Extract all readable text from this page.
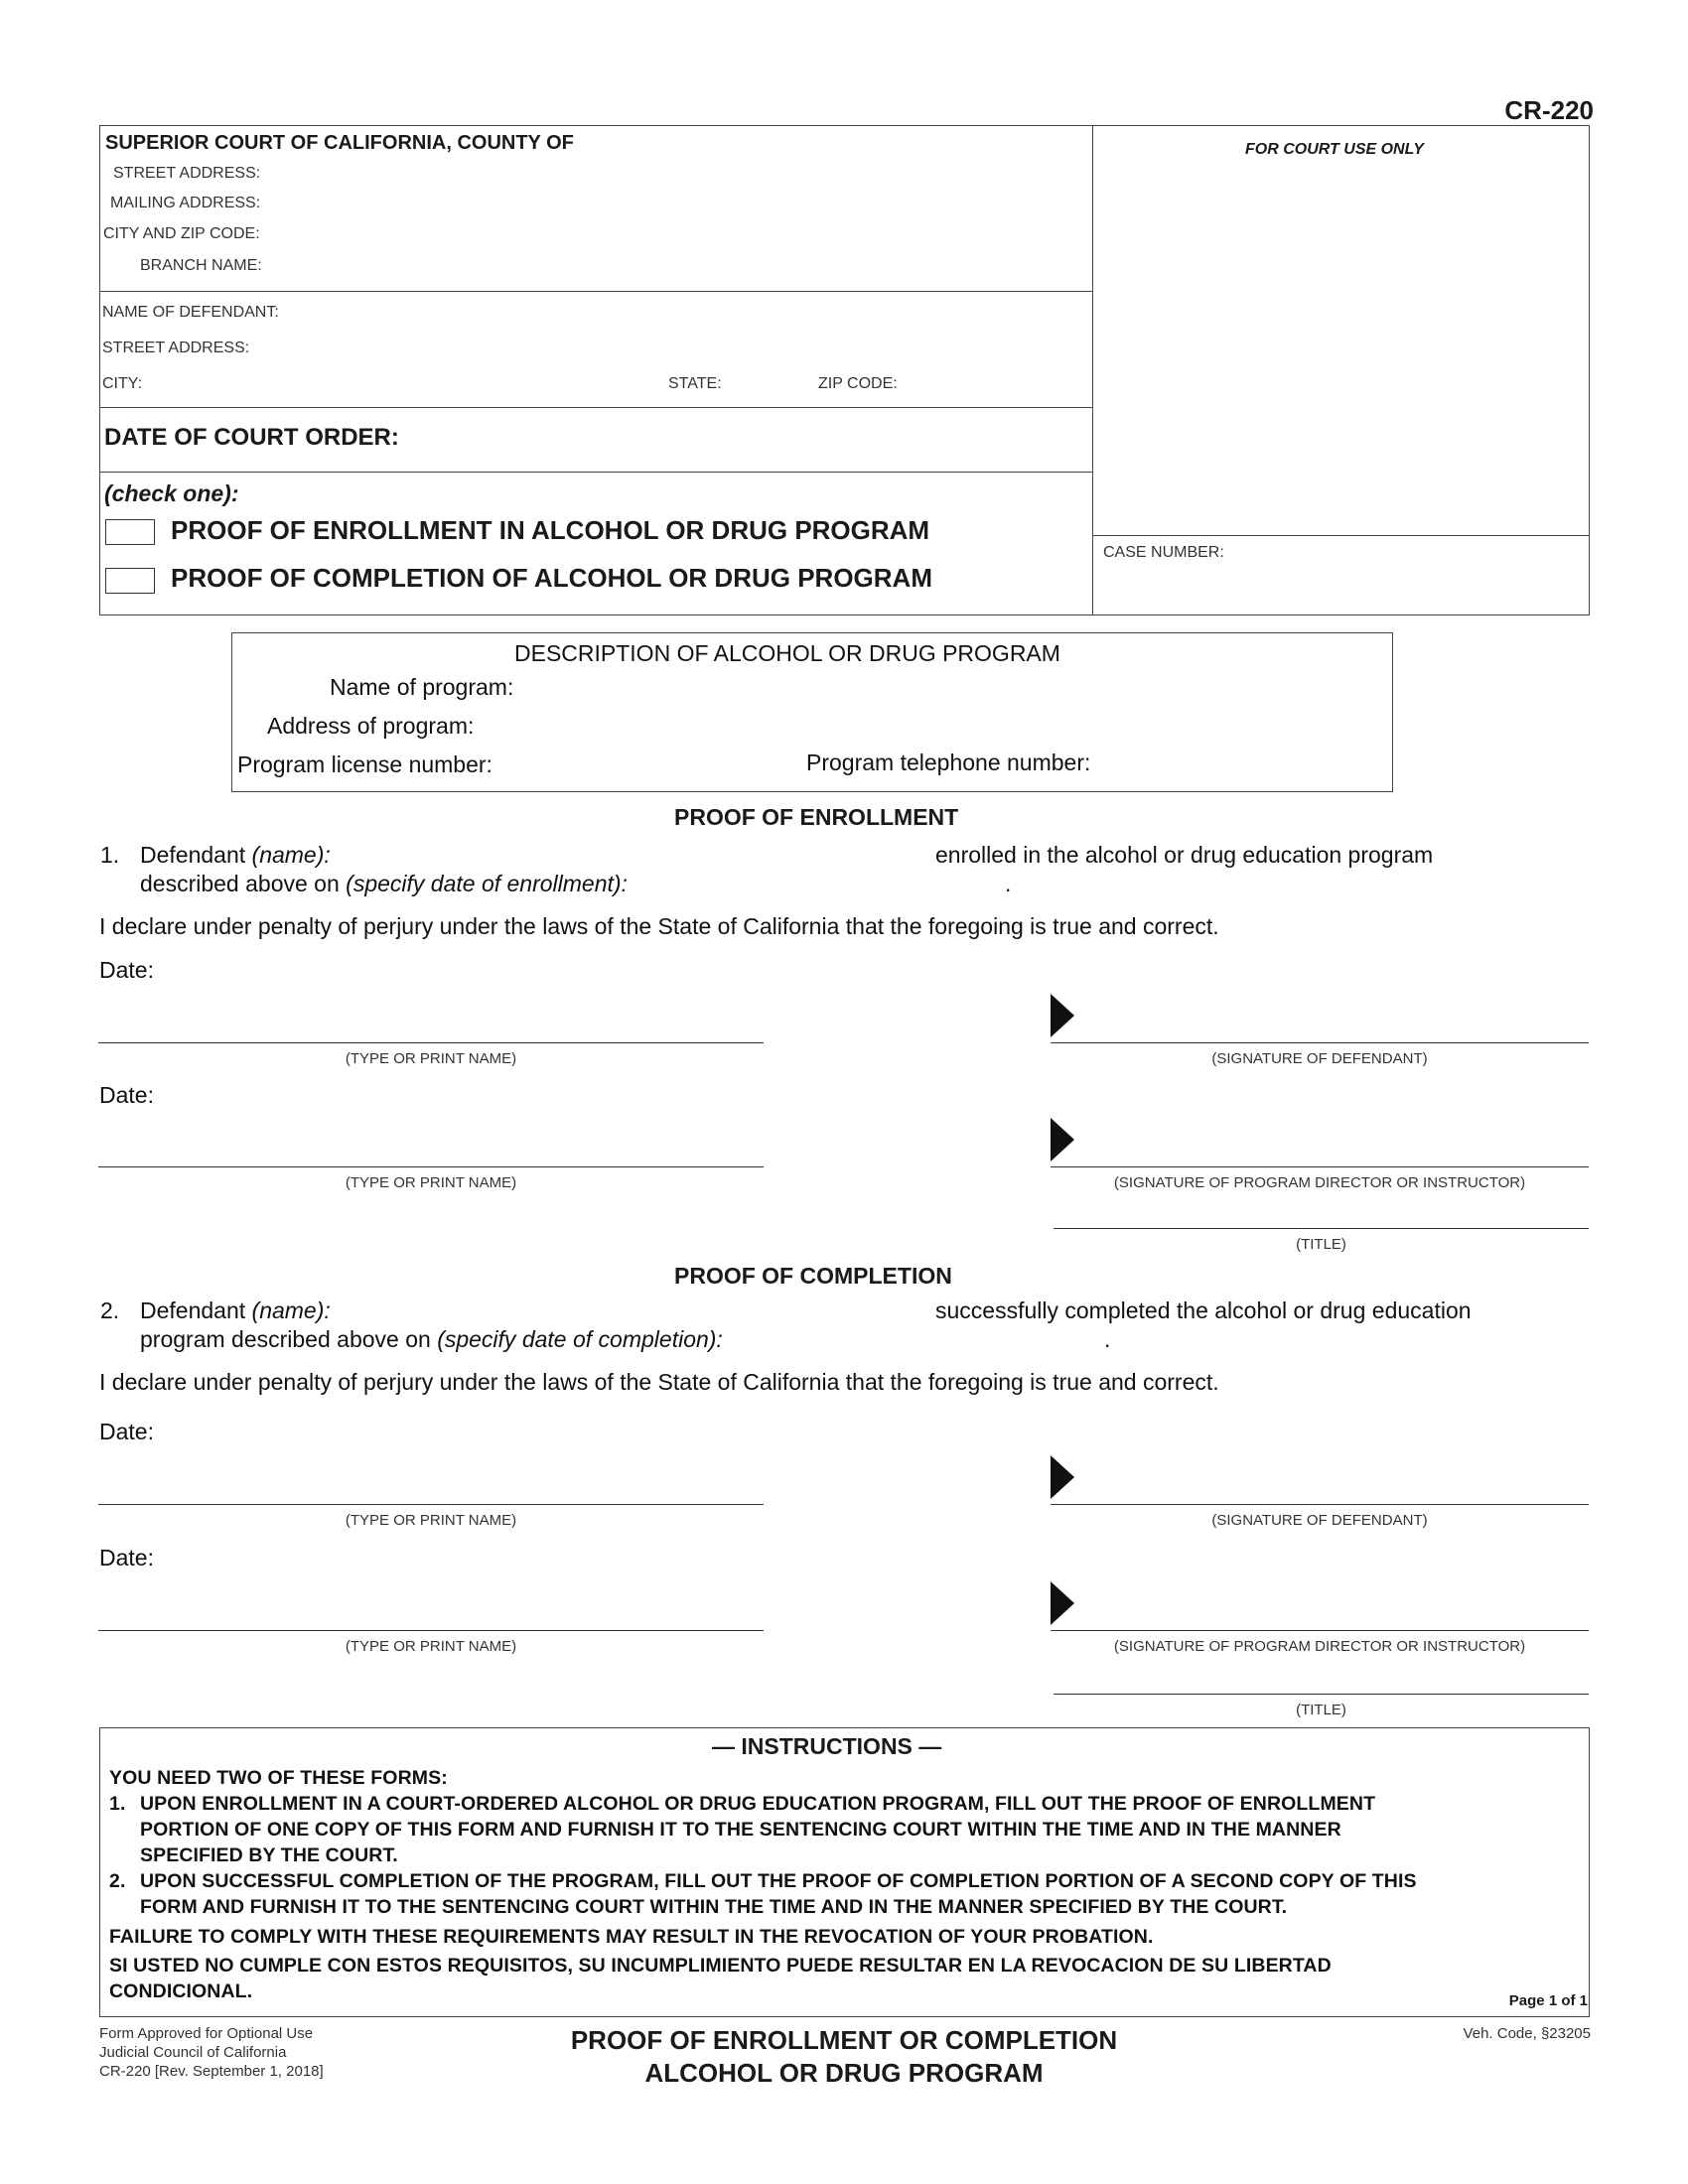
CR-220
SUPERIOR COURT OF CALIFORNIA, COUNTY OF
STREET ADDRESS:
MAILING ADDRESS:
CITY AND ZIP CODE:
BRANCH NAME:
FOR COURT USE ONLY
NAME OF DEFENDANT:
STREET ADDRESS:
CITY:	STATE:	ZIP CODE:
DATE OF COURT ORDER:
(check one):
PROOF OF ENROLLMENT IN ALCOHOL OR DRUG PROGRAM
PROOF OF COMPLETION OF ALCOHOL OR DRUG PROGRAM
CASE NUMBER:
DESCRIPTION OF ALCOHOL OR DRUG PROGRAM
Name of program:
Address of program:
Program license number:	Program telephone number:
PROOF OF ENROLLMENT
1. Defendant (name):	enrolled in the alcohol or drug education program
described above on (specify date of enrollment):	.
I declare under penalty of perjury under the laws of the State of California that the foregoing is true and correct.
Date:
(TYPE OR PRINT NAME)	(SIGNATURE OF DEFENDANT)
Date:
(TYPE OR PRINT NAME)	(SIGNATURE OF PROGRAM DIRECTOR OR INSTRUCTOR)
(TITLE)
PROOF OF COMPLETION
2. Defendant (name):	successfully completed the alcohol or drug education
program described above on (specify date of completion):	.
I declare under penalty of perjury under the laws of the State of California that the foregoing is true and correct.
Date:
(TYPE OR PRINT NAME)	(SIGNATURE OF DEFENDANT)
Date:
(TYPE OR PRINT NAME)	(SIGNATURE OF PROGRAM DIRECTOR OR INSTRUCTOR)
(TITLE)
— INSTRUCTIONS —
YOU NEED TWO OF THESE FORMS:
1. UPON ENROLLMENT IN A COURT-ORDERED ALCOHOL OR DRUG EDUCATION PROGRAM, FILL OUT THE PROOF OF ENROLLMENT
PORTION OF ONE COPY OF THIS FORM AND FURNISH IT TO THE SENTENCING COURT WITHIN THE TIME AND IN THE MANNER
SPECIFIED BY THE COURT.
2. UPON SUCCESSFUL COMPLETION OF THE PROGRAM, FILL OUT THE PROOF OF COMPLETION PORTION OF A SECOND COPY OF THIS
FORM AND FURNISH IT TO THE SENTENCING COURT WITHIN THE TIME AND IN THE MANNER SPECIFIED BY THE COURT.
FAILURE TO COMPLY WITH THESE REQUIREMENTS MAY RESULT IN THE REVOCATION OF YOUR PROBATION.
SI USTED NO CUMPLE CON ESTOS REQUISITOS, SU INCUMPLIMIENTO PUEDE RESULTAR EN LA REVOCACION DE SU LIBERTAD
CONDICIONAL.	Page 1 of 1
Form Approved for Optional Use
Judicial Council of California
CR-220 [Rev. September 1, 2018]
PROOF OF ENROLLMENT OR COMPLETION
ALCOHOL OR DRUG PROGRAM
Veh. Code, §23205
